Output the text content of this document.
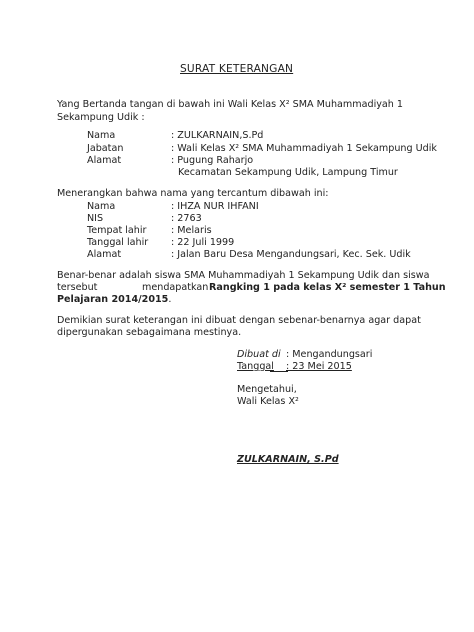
SURAT KETERANGAN
Yang Bertanda tangan di bawah ini Wali Kelas X² SMA Muhammadiyah 1
Sekampung Udik :
Nama	: ZULKARNAIN,S.Pd
Jabatan	: Wali Kelas X² SMA Muhammadiyah 1 Sekampung Udik
Alamat	: Pugung Raharjo
Kecamatan Sekampung Udik, Lampung Timur
Menerangkan bahwa nama yang tercantum dibawah ini:
Nama	: IHZA NUR IHFANI
NIS	: 2763
Tempat lahir	: Melaris
Tanggal lahir : 22 Juli 1999
Alamat	: Jalan Baru Desa Mengandungsari, Kec. Sek. Udik
Benar-benar adalah siswa SMA Muhammadiyah 1 Sekampung Udik dan siswa
tersebut	mendapatkan Rangking 1 pada kelas X² semester 1 Tahun
Pelajaran 2014/2015.
Demikian surat keterangan ini dibuat dengan sebenar-benarnya agar dapat
dipergunakan sebagaimana mestinya.
Dibuat di : Mengandungsari
Tanggal	: 23 Mei 2015
Mengetahui,
Wali Kelas X²
ZULKARNAIN, S.Pd
